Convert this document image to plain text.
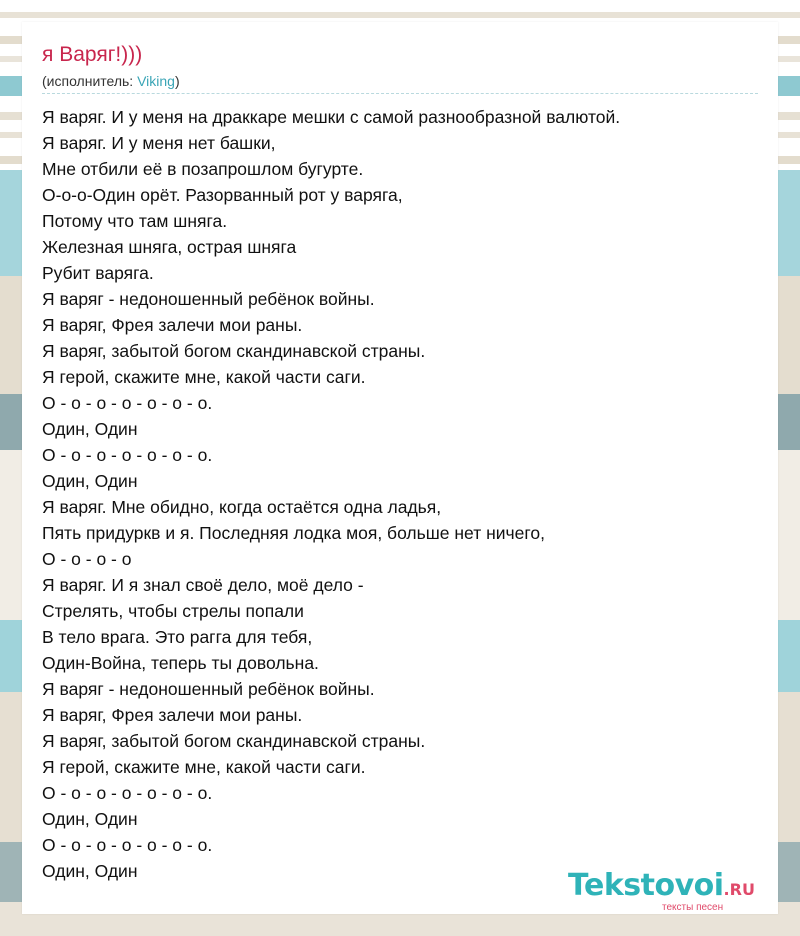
я Варяг!)))
(исполнитель: Viking)
Я варяг. И у меня на драккаре мешки с самой разнообразной валютой.
Я варяг. И у меня нет башки,
Мне отбили её в позапрошлом бугурте.
О-о-о-Один орёт. Разорванный рот у варяга,
Потому что там шняга.
Железная шняга, острая шняга
Рубит варяга.
Я варяг - недоношенный ребёнок войны.
Я варяг, Фрея залечи мои раны.
Я варяг, забытой богом скандинавской страны.
Я герой, скажите мне, какой части саги.
О - о - о - о - о - о - о.
Один, Один
О - о - о - о - о - о - о.
Один, Один
Я варяг. Мне обидно, когда остаётся одна ладья,
Пять придуркв и я. Последняя лодка моя, больше нет ничего,
О - о - о - о
Я варяг. И я знал своё дело, моё дело -
Стрелять, чтобы стрелы попали
В тело врага. Это рагга для тебя,
Один-Война, теперь ты довольна.
Я варяг - недоношенный ребёнок войны.
Я варяг, Фрея залечи мои раны.
Я варяг, забытой богом скандинавской страны.
Я герой, скажите мне, какой части саги.
О - о - о - о - о - о - о.
Один, Один
О - о - о - о - о - о - о.
Один, Один	Tekstovoi.RU
тексты песен
